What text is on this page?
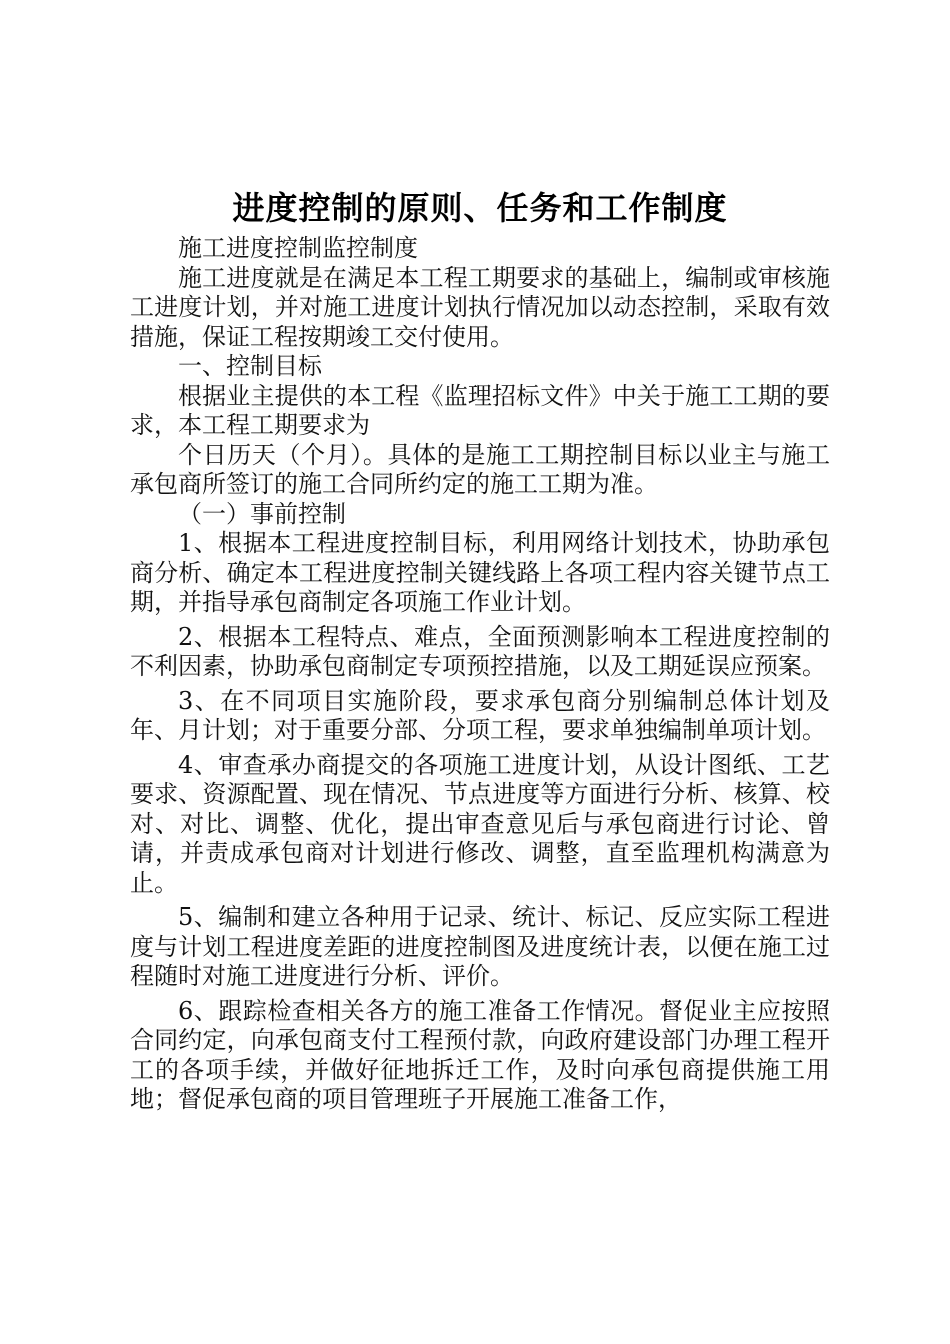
进度控制的原则、任务和工作制度

施工进度控制监控制度

施工进度就是在满足本工程工期要求的基础上，编制或审核施工进度计划，并对施工进度计划执行情况加以动态控制，采取有效措施，保证工程按期竣工交付使用。

一、控制目标

根据业主提供的本工程《监理招标文件》中关于施工工期的要求，本工程工期要求为

个日历天（个月）。具体的是施工工期控制目标以业主与施工承包商所签订的施工合同所约定的施工工期为准。

（一）事前控制

1、根据本工程进度控制目标，利用网络计划技术，协助承包商分析、确定本工程进度控制关键线路上各项工程内容关键节点工期，并指导承包商制定各项施工作业计划。

2、根据本工程特点、难点，全面预测影响本工程进度控制的不利因素，协助承包商制定专项预控措施，以及工期延误应预案。

3、在不同项目实施阶段，要求承包商分别编制总体计划及年、月计划；对于重要分部、分项工程，要求单独编制单项计划。

4、审查承办商提交的各项施工进度计划，从设计图纸、工艺要求、资源配置、现在情况、节点进度等方面进行分析、核算、校对、对比、调整、优化，提出审查意见后与承包商进行讨论、曾请，并责成承包商对计划进行修改、调整，直至监理机构满意为止。

5、编制和建立各种用于记录、统计、标记、反应实际工程进度与计划工程进度差距的进度控制图及进度统计表，以便在施工过程随时对施工进度进行分析、评价。

6、跟踪检查相关各方的施工准备工作情况。督促业主应按照合同约定，向承包商支付工程预付款，向政府建设部门办理工程开工的各项手续，并做好征地拆迁工作，及时向承包商提供施工用地；督促承包商的项目管理班子开展施工准备工作，
